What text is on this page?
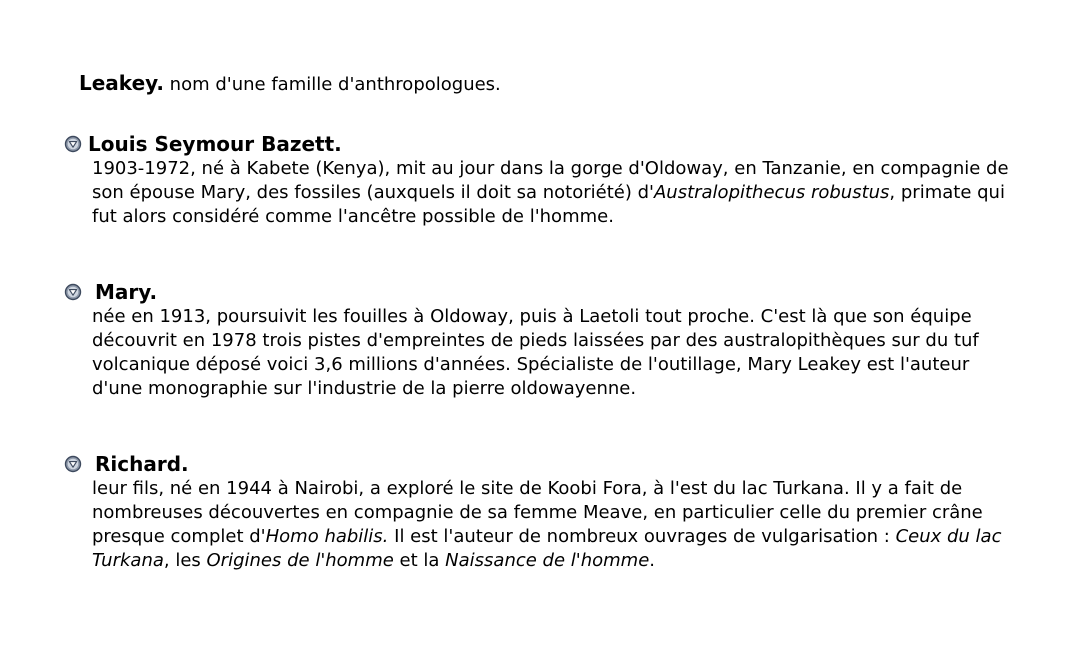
Leakey. nom d'une famille d'anthropologues.
Louis Seymour Bazett.

1903-1972, né à Kabete (Kenya), mit au jour dans la gorge d'Oldoway, en Tanzanie, en compagnie de son épouse Mary, des fossiles (auxquels il doit sa notoriété) d'Australopithecus robustus, primate qui fut alors considéré comme l'ancêtre possible de l'homme.

Mary.

née en 1913, poursuivit les fouilles à Oldoway, puis à Laetoli tout proche. C'est là que son équipe découvrit en 1978 trois pistes d'empreintes de pieds laissées par des australopithèques sur du tuf volcanique déposé voici 3,6 millions d'années. Spécialiste de l'outillage, Mary Leakey est l'auteur d'une monographie sur l'industrie de la pierre oldowayenne.

Richard.

leur fils, né en 1944 à Nairobi, a exploré le site de Koobi Fora, à l'est du lac Turkana. Il y a fait de nombreuses découvertes en compagnie de sa femme Meave, en particulier celle du premier crâne presque complet d'Homo habilis. Il est l'auteur de nombreux ouvrages de vulgarisation : Ceux du lac Turkana, les Origines de l'homme et la Naissance de l'homme.
